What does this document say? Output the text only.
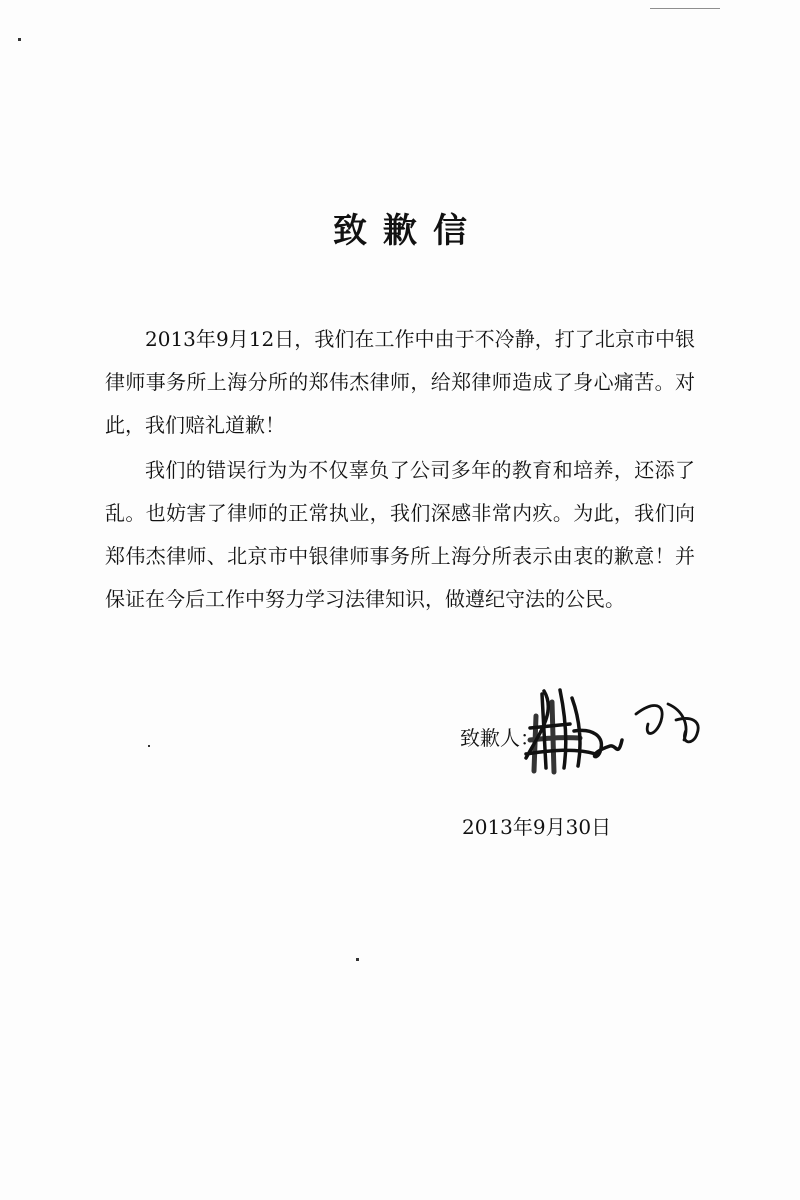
致歉信

2013年9月12日，我们在工作中由于不冷静，打了北京市中银律师事务所上海分所的郑伟杰律师，给郑律师造成了身心痛苦。对此，我们赔礼道歉！

我们的错误行为为不仅辜负了公司多年的教育和培养，还添了乱。也妨害了律师的正常执业，我们深感非常内疚。为此，我们向郑伟杰律师、北京市中银律师事务所上海分所表示由衷的歉意！并保证在今后工作中努力学习法律知识，做遵纪守法的公民。

致歉人：
2013年9月30日
